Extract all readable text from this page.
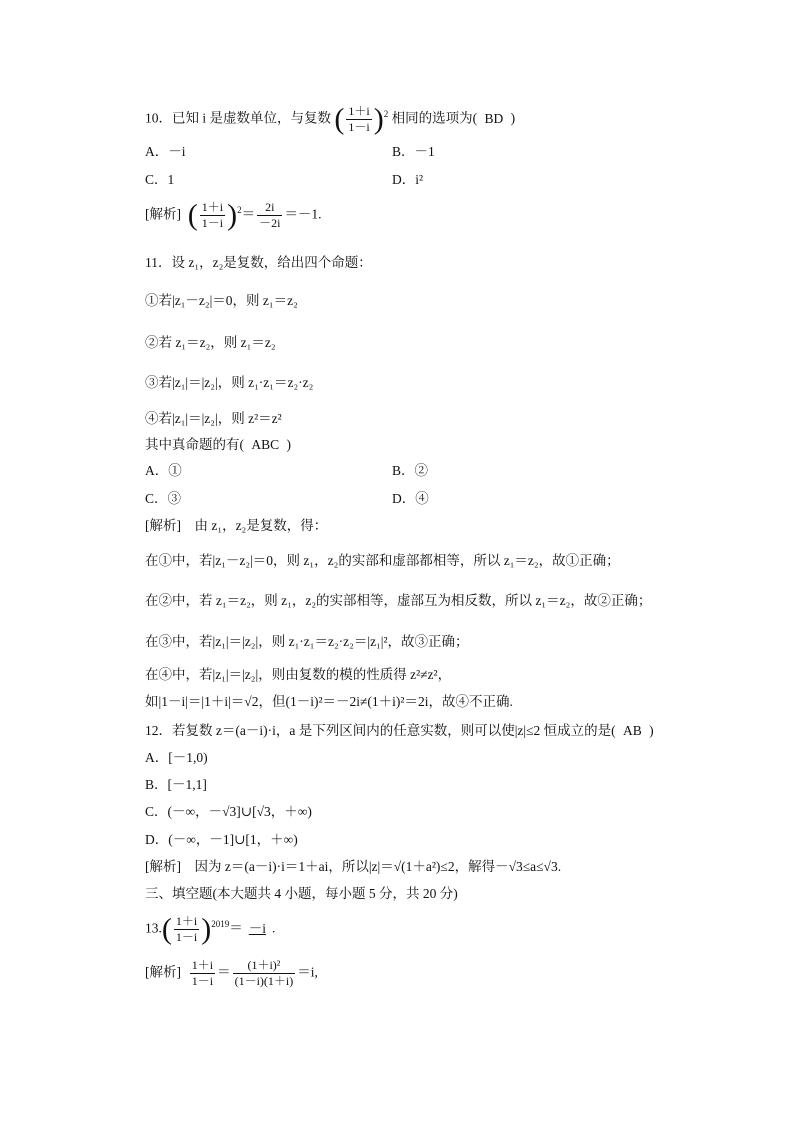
10．已知 i 是虚数单位，与复数 ( $\frac{1+i}{1-i} )^2$ 相同的选项为( BD )
A．－i	B．－1
C．1	D．i²
[解析] ( $\frac{1+i}{1-i} )^2= \frac{2i}{-2i} =-1$.
11．设 z₁，z₂是复数，给出四个命题：
①若|z₁－z₂|＝0，则 z₁＝z₂
②若 z₁＝z₂，则 z₁＝z₂
③若|z₁|＝|z₂|，则 z₁·z₁＝z₂·z₂
④若|z₁|＝|z₂|，则 z²＝z²
其中真命题的有( ABC )
A．①	B．②
C．③	D．④
[解析]　由 z₁，z₂是复数，得：
在①中，若|z₁－z₂|＝0，则 z₁，z₂的实部和虚部都相等，所以 z₁＝z₂，故①正确；
在②中，若 z₁＝z₂，则 z₁，z₂的实部相等，虚部互为相反数，所以 z₁＝z₂，故②正确；
在③中，若|z₁|＝|z₂|，则 z₁·z₁＝z₂·z₂＝|z₁|²，故③正确；
在④中，若|z₁|＝|z₂|，则由复数的模的性质得 z²≠z²，
如|1－i|＝|1＋i|＝√2，但(1－i)²＝－2i≠(1＋i)²＝2i，故④不正确.
12．若复数 z＝(a－i)·i，a 是下列区间内的任意实数，则可以使|z|≤2 恒成立的是( AB )
A．[－1,0)
B．[－1,1]
C．(－∞，－√3]∪[√3，＋∞)
D．(－∞，－1]∪[1，＋∞)
[解析]　因为 z＝(a－i)·i＝1＋ai，所以|z|＝√(1＋a²)≤2，解得－√3≤a≤√3.
三、填空题(本大题共 4 小题，每小题 5 分，共 20 分)
$13.( \frac{1+i}{1-i} )^{2019}= -i$ .
[解析] $\frac{1+i}{1-i} = \frac{\text{(1＋i)²}}{(1-i)(1+i)} =i$,
